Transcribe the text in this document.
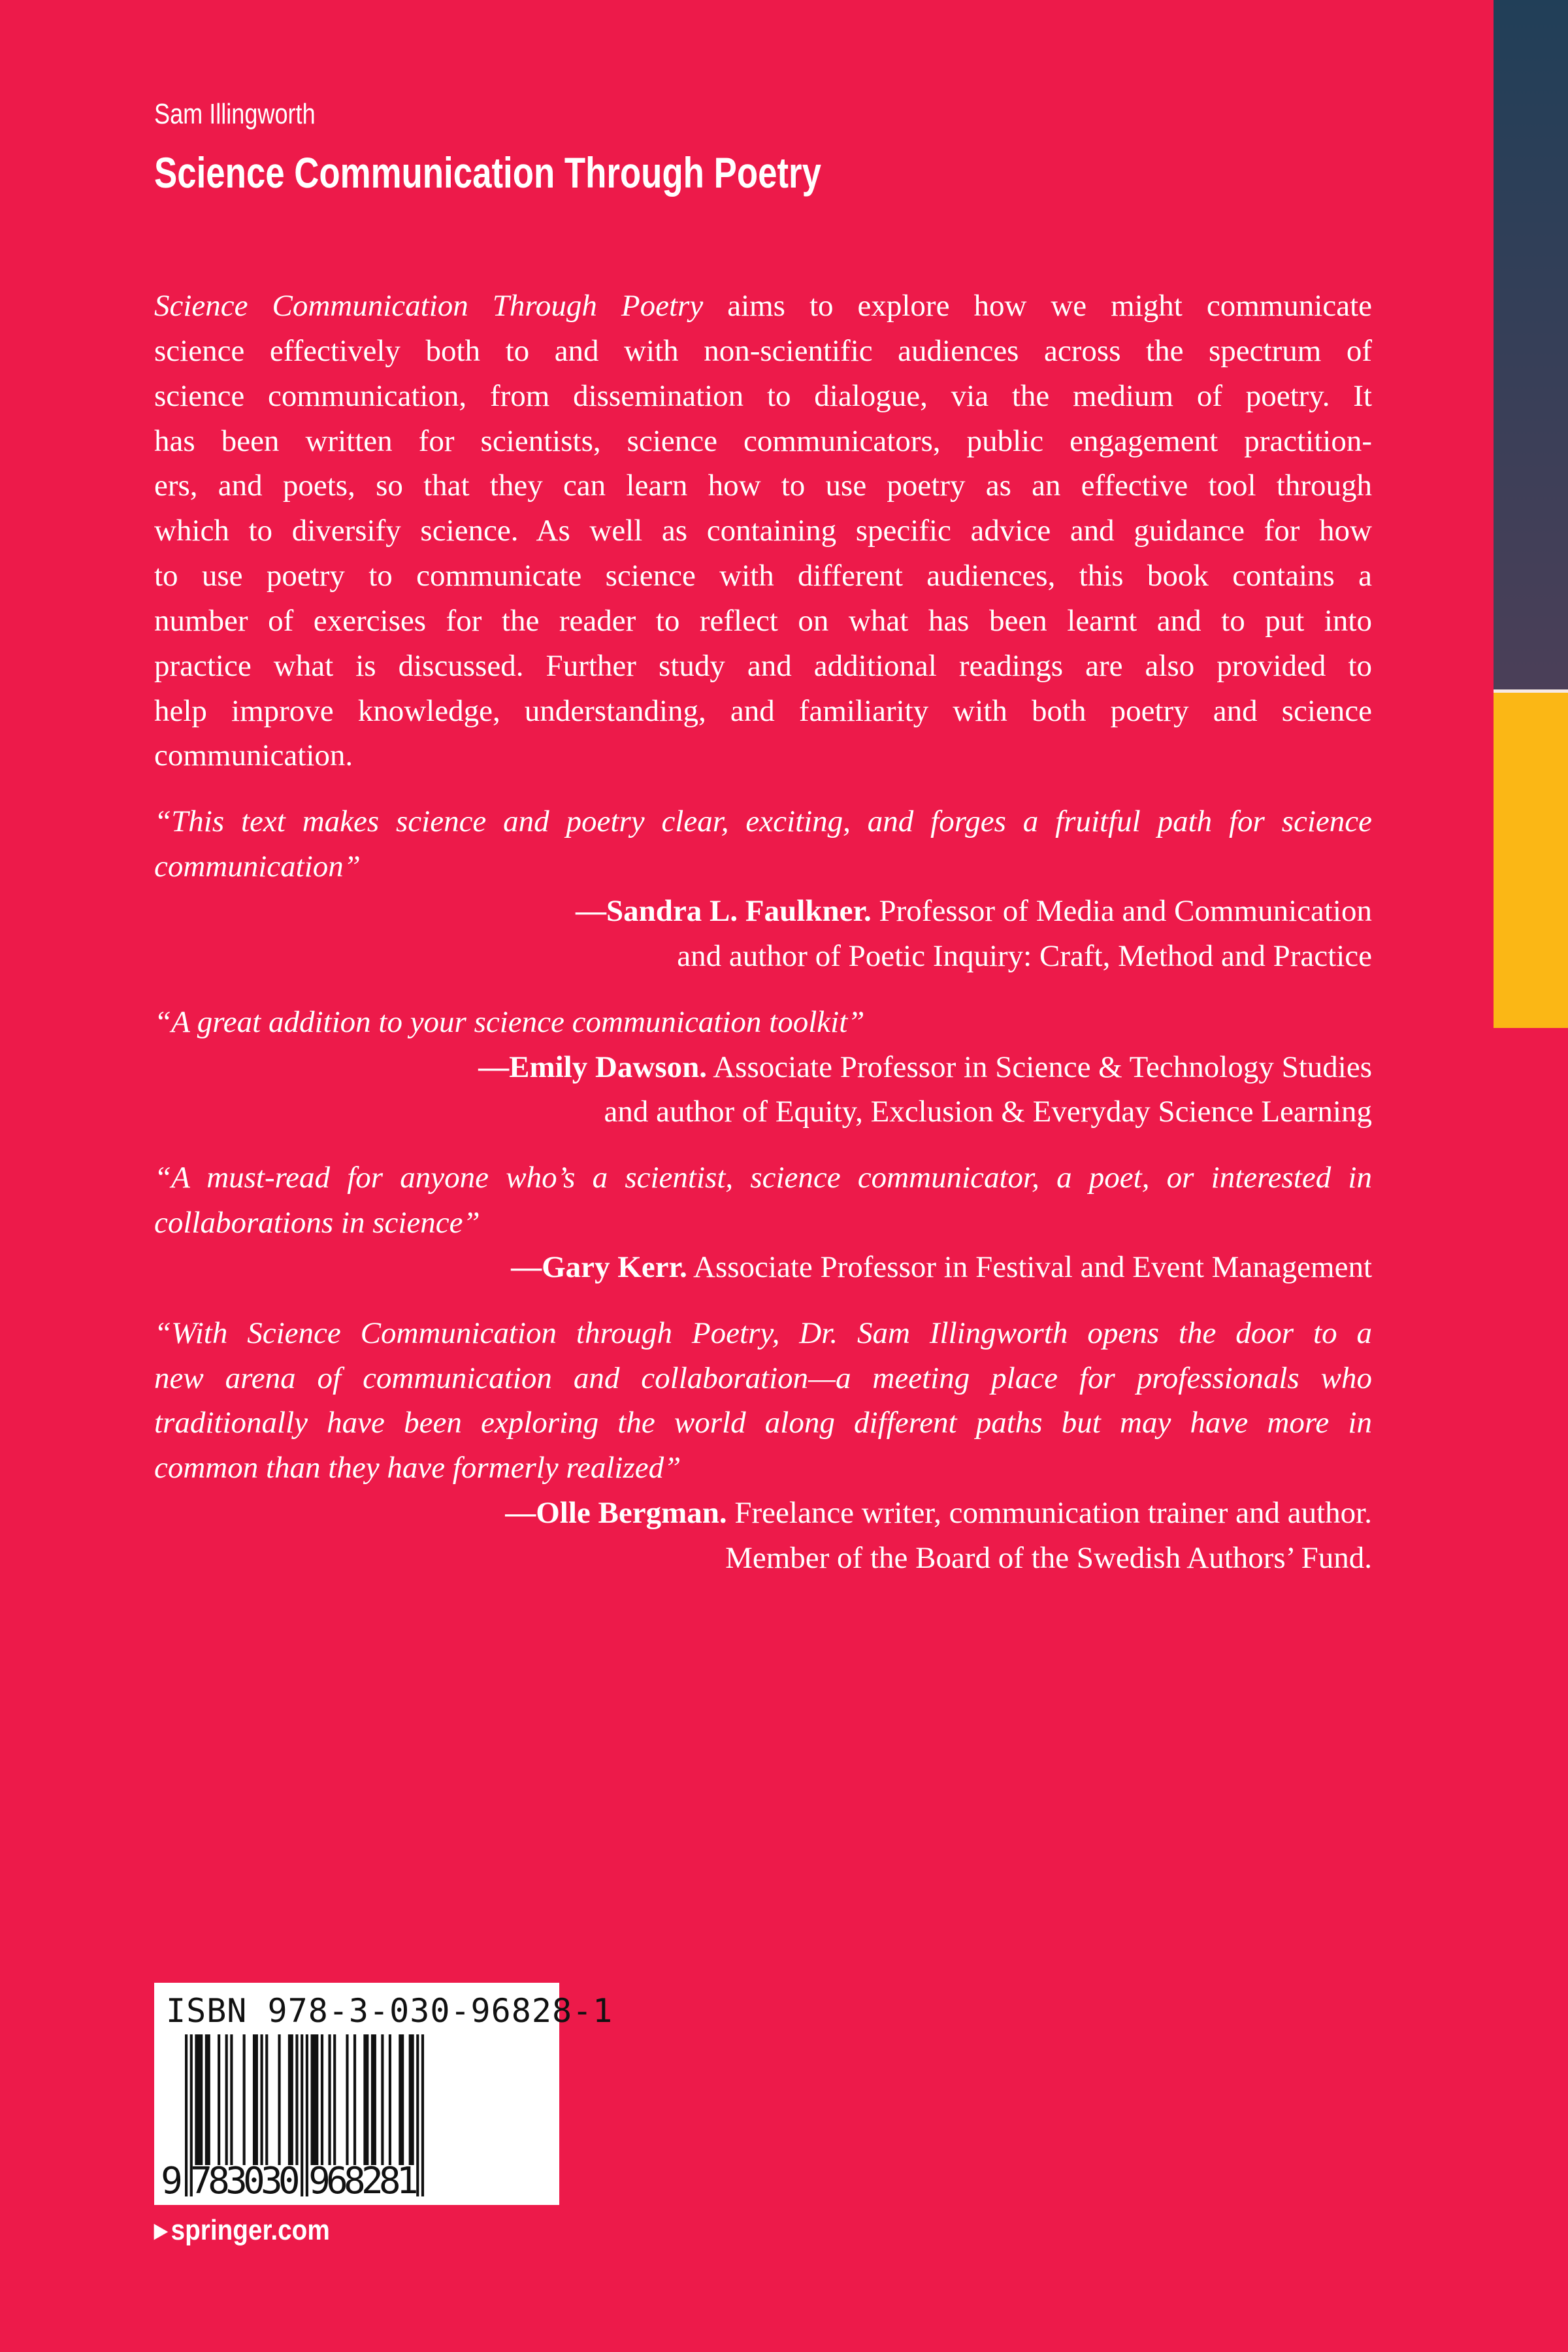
Sam Illingworth
Science Communication Through Poetry
Science Communication Through Poetry aims to explore how we might communicate
science effectively both to and with non-scientific audiences across the spectrum of
science communication, from dissemination to dialogue, via the medium of poetry. It
has been written for scientists, science communicators, public engagement practition-
ers, and poets, so that they can learn how to use poetry as an effective tool through
which to diversify science. As well as containing specific advice and guidance for how
to use poetry to communicate science with different audiences, this book contains a
number of exercises for the reader to reflect on what has been learnt and to put into
practice what is discussed. Further study and additional readings are also provided to
help improve knowledge, understanding, and familiarity with both poetry and science
communication.
“This text makes science and poetry clear, exciting, and forges a fruitful path for science
communication”
—Sandra L. Faulkner. Professor of Media and Communication
and author of Poetic Inquiry: Craft, Method and Practice
“A great addition to your science communication toolkit”
—Emily Dawson. Associate Professor in Science & Technology Studies
and author of Equity, Exclusion & Everyday Science Learning
“A must-read for anyone who’s a scientist, science communicator, a poet, or interested in
collaborations in science”
—Gary Kerr. Associate Professor in Festival and Event Management
“With Science Communication through Poetry, Dr. Sam Illingworth opens the door to a
new arena of communication and collaboration—a meeting place for professionals who
traditionally have been exploring the world along different paths but may have more in
common than they have formerly realized”
—Olle Bergman. Freelance writer, communication trainer and author.
Member of the Board of the Swedish Authors’ Fund.
ISBN 978-3-030-96828-1
9 7
8
3
0
3
0 9
6
8
2
8
1
▶ springer.com
